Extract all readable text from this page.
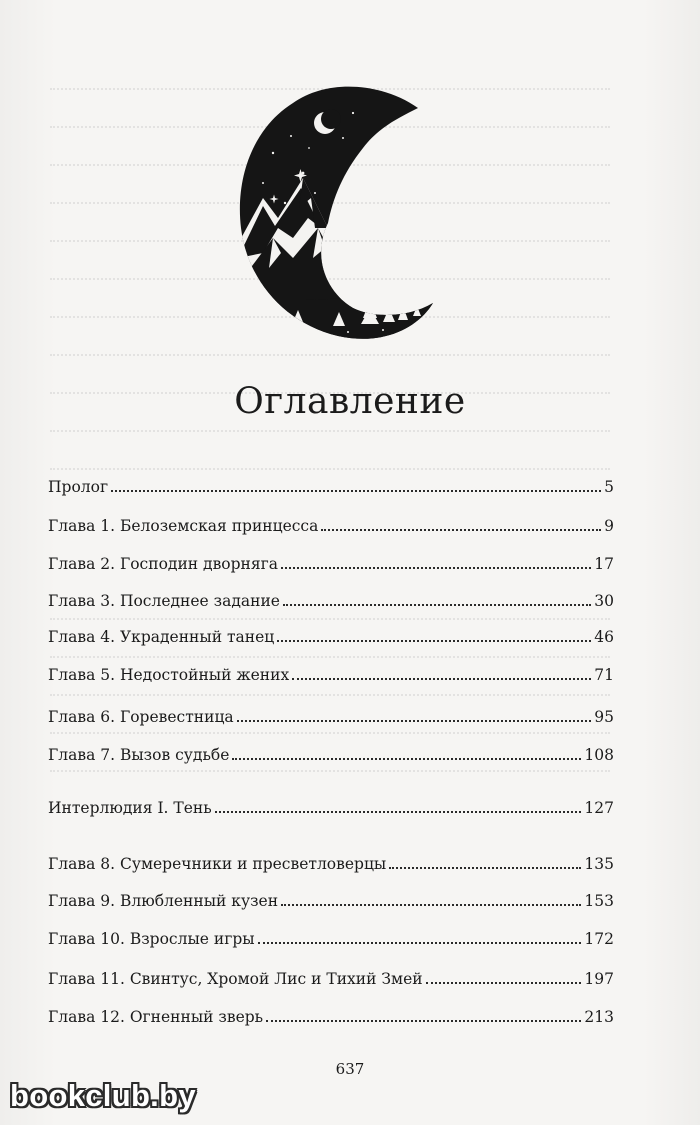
Оглавление
Пролог	5
Глава 1. Белоземская принцесса	9
Глава 2. Господин дворняга	17
Глава 3. Последнее задание	30
Глава 4. Украденный танец	46
Глава 5. Недостойный жених	71
Глава 6. Горевестница	95
Глава 7. Вызов судьбе	108
Интерлюдия I. Тень	127
Глава 8. Сумеречники и пресветловерцы	135
Глава 9. Влюбленный кузен	153
Глава 10. Взрослые игры	172
Глава 11. Свинтус, Хромой Лис и Тихий Змей	197
Глава 12. Огненный зверь	213
637
bookclub.by
